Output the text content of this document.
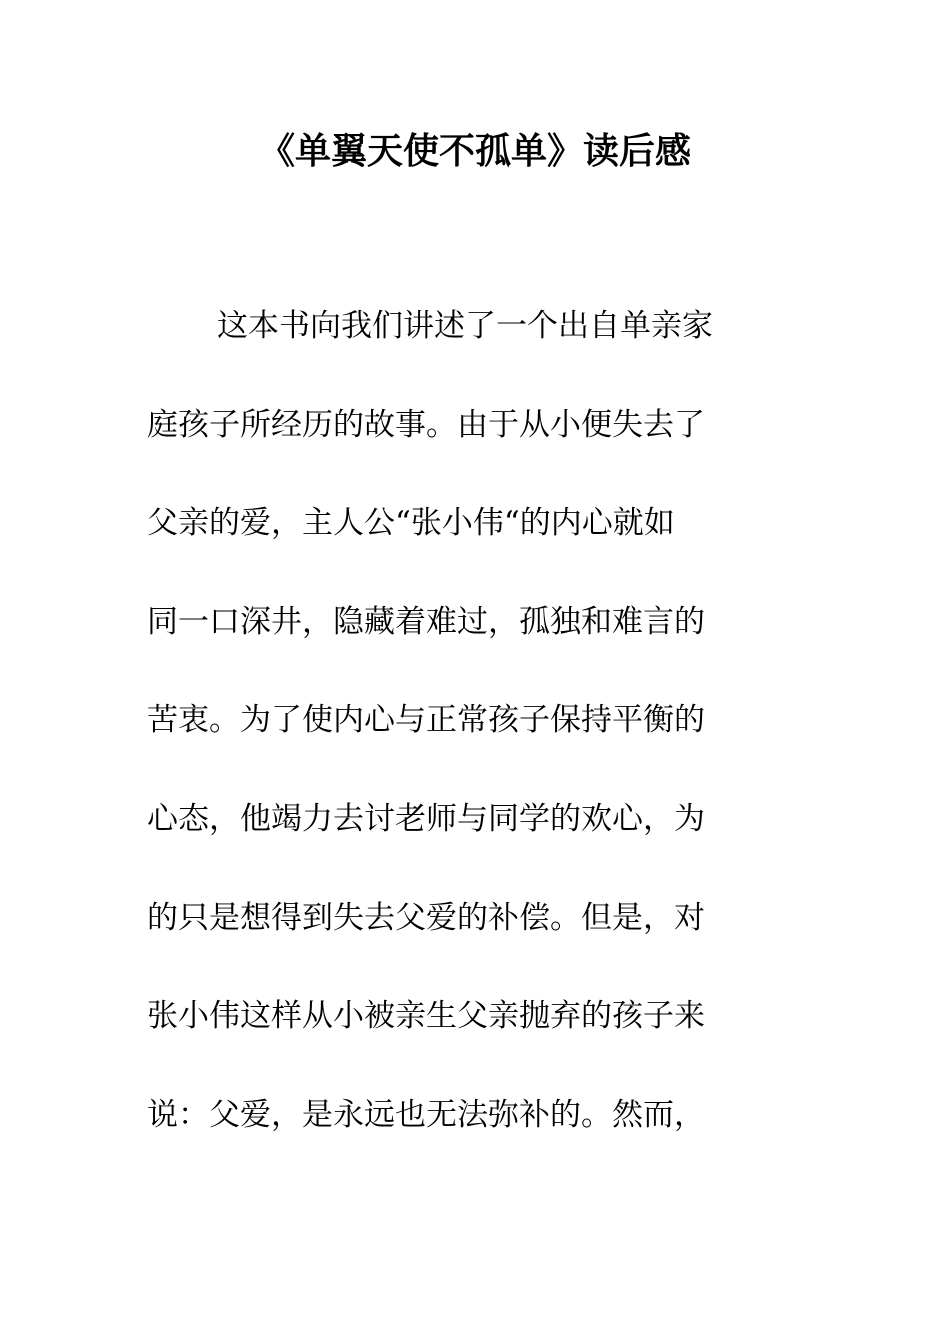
《单翼天使不孤单》读后感
这本书向我们讲述了一个出自单亲家
庭孩子所经历的故事。由于从小便失去了
父亲的爱，主人公“张小伟“的内心就如
同一口深井，隐藏着难过，孤独和难言的
苦衷。为了使内心与正常孩子保持平衡的
心态，他竭力去讨老师与同学的欢心，为
的只是想得到失去父爱的补偿。但是，对
张小伟这样从小被亲生父亲抛弃的孩子来
说：父爱，是永远也无法弥补的。然而，
